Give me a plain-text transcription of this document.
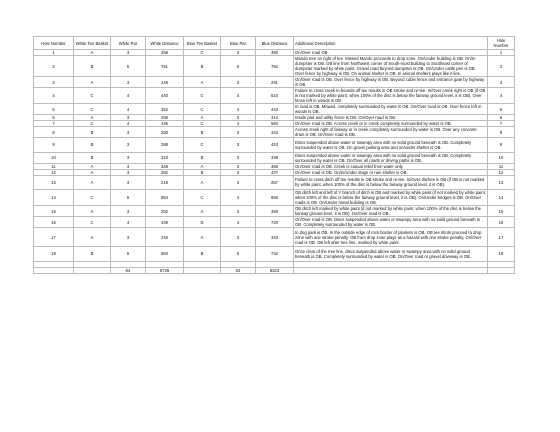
Hole Number	White Tee Basket	White Par	White Distance	Blue Tee Basket	Blue Par	Blue Distance	Additional Description	Hole Number
1	A	3	258	C	3	380	On/Over road OB.	1
2	B	5	751	B	5	782	Mando tree on right of tee. Missed Mando proceeds to drop zone. On/Under building is OB. On/In dumpster is OB. OB line from Northwest corner of South-most building to Southeast corner of dumpster marked by white paint. Gravel road beyond dumpster is OB. On/Under cattle pen is OB. Over fence by highway is OB. On animal shelter is OB. In animal shelters plays like it lies.	2
3	A	3	249	A	3	291	On/Over road is OB. Over fence by highway is OB. Beyond cable fence and entrance gate by highway is OB.	3
4	C	4	440	C	4	510	Failure to cross creek in-bounds off tee results in OB stroke and re-tee. In/Over creek right is OB (if OB is not marked by white paint, when 100% of the disc is below the fairway ground level, it is OB). Over fence left in woods is OB.	4
5	C	4	352	C	4	442	In road is OB. Mowed, completely surrounded by water is OB. On/Over road is OB. Over fence left in woods is OB.	5
6	A	3	296	A	3	314	Inside pad and utility fence is OB. On/Over road is OB.	6
7	C	4	435	C	4	560	On/Over road is OB. Across creek or in creek completely surrounded by water is OB.	7
8	B	3	250	B	3	343	Across creek right of fairway or in creek completely surrounded by water is OB. Over any concrete drain is OB. On/Over road is OB.	8
9	B	3	288	C	3	443	Discs suspended above water or swampy area with no solid ground beneath is OB. Completely surrounded by water is OB. On gravel parking area and on/under shelter is OB.	9
10	B	3	323	B	3	338	Discs suspended above water or swampy area with no solid ground beneath is OB. Completely surrounded by water is OB. On/Over all roads or driving paths is OB.	10
11	A	3	348	A	3	386	On/Over road is OB. Creek is casual relief from water only.	11
12	A	3	282	B	3	437	On/Over road is OB. On/In/Under stage or rain shelter is OB.	12
13	A	3	218	A	3	267	Failure to cross ditch off tee results in OB stroke and re-tee. In/Over ditches is OB (if OB is not marked by white paint, when 100% of the disc is below the fairway ground level, it is OB).	13
14	C	5	664	C	4	666	OB ditch left and left of Y branch of ditch is OB and marked by white paint (if not marked by white paint, when 100% of the disc is below the fairway ground level, it is OB). On/Under bridges is OB. On/Over roads is OB. On/Under metal building is OB.	14
15	A	3	292	A	3	359	OB ditch left marked by white paint (if not marked by white paint, when 100% of the disc is below the fairway ground level, it is OB). On/Over road is OB.	15
16	C	4	439	D	4	720	On/Over road is OB. Discs suspended above water or swampy area with no solid ground beneath is OB. Completely surrounded by water is OB.	16
17	A	3	240	A	3	343	In dog park is OB. In the outside edge of rock border of planters is OB. OB tee shots proceed to drop zone with one stroke penalty. OB from drop zone plays as a hazard with one stroke penalty. On/Over road is OB. OB left after tree line, marked by white paint.	17
18	B	5	683	B	5	732	Once clear of the tree line, discs suspended above water or swampy area with no solid ground beneath is OB. Completely surrounded by water is OB. On/Over road or gravel driveway is OB.	18

		64	6736		63	8323		
